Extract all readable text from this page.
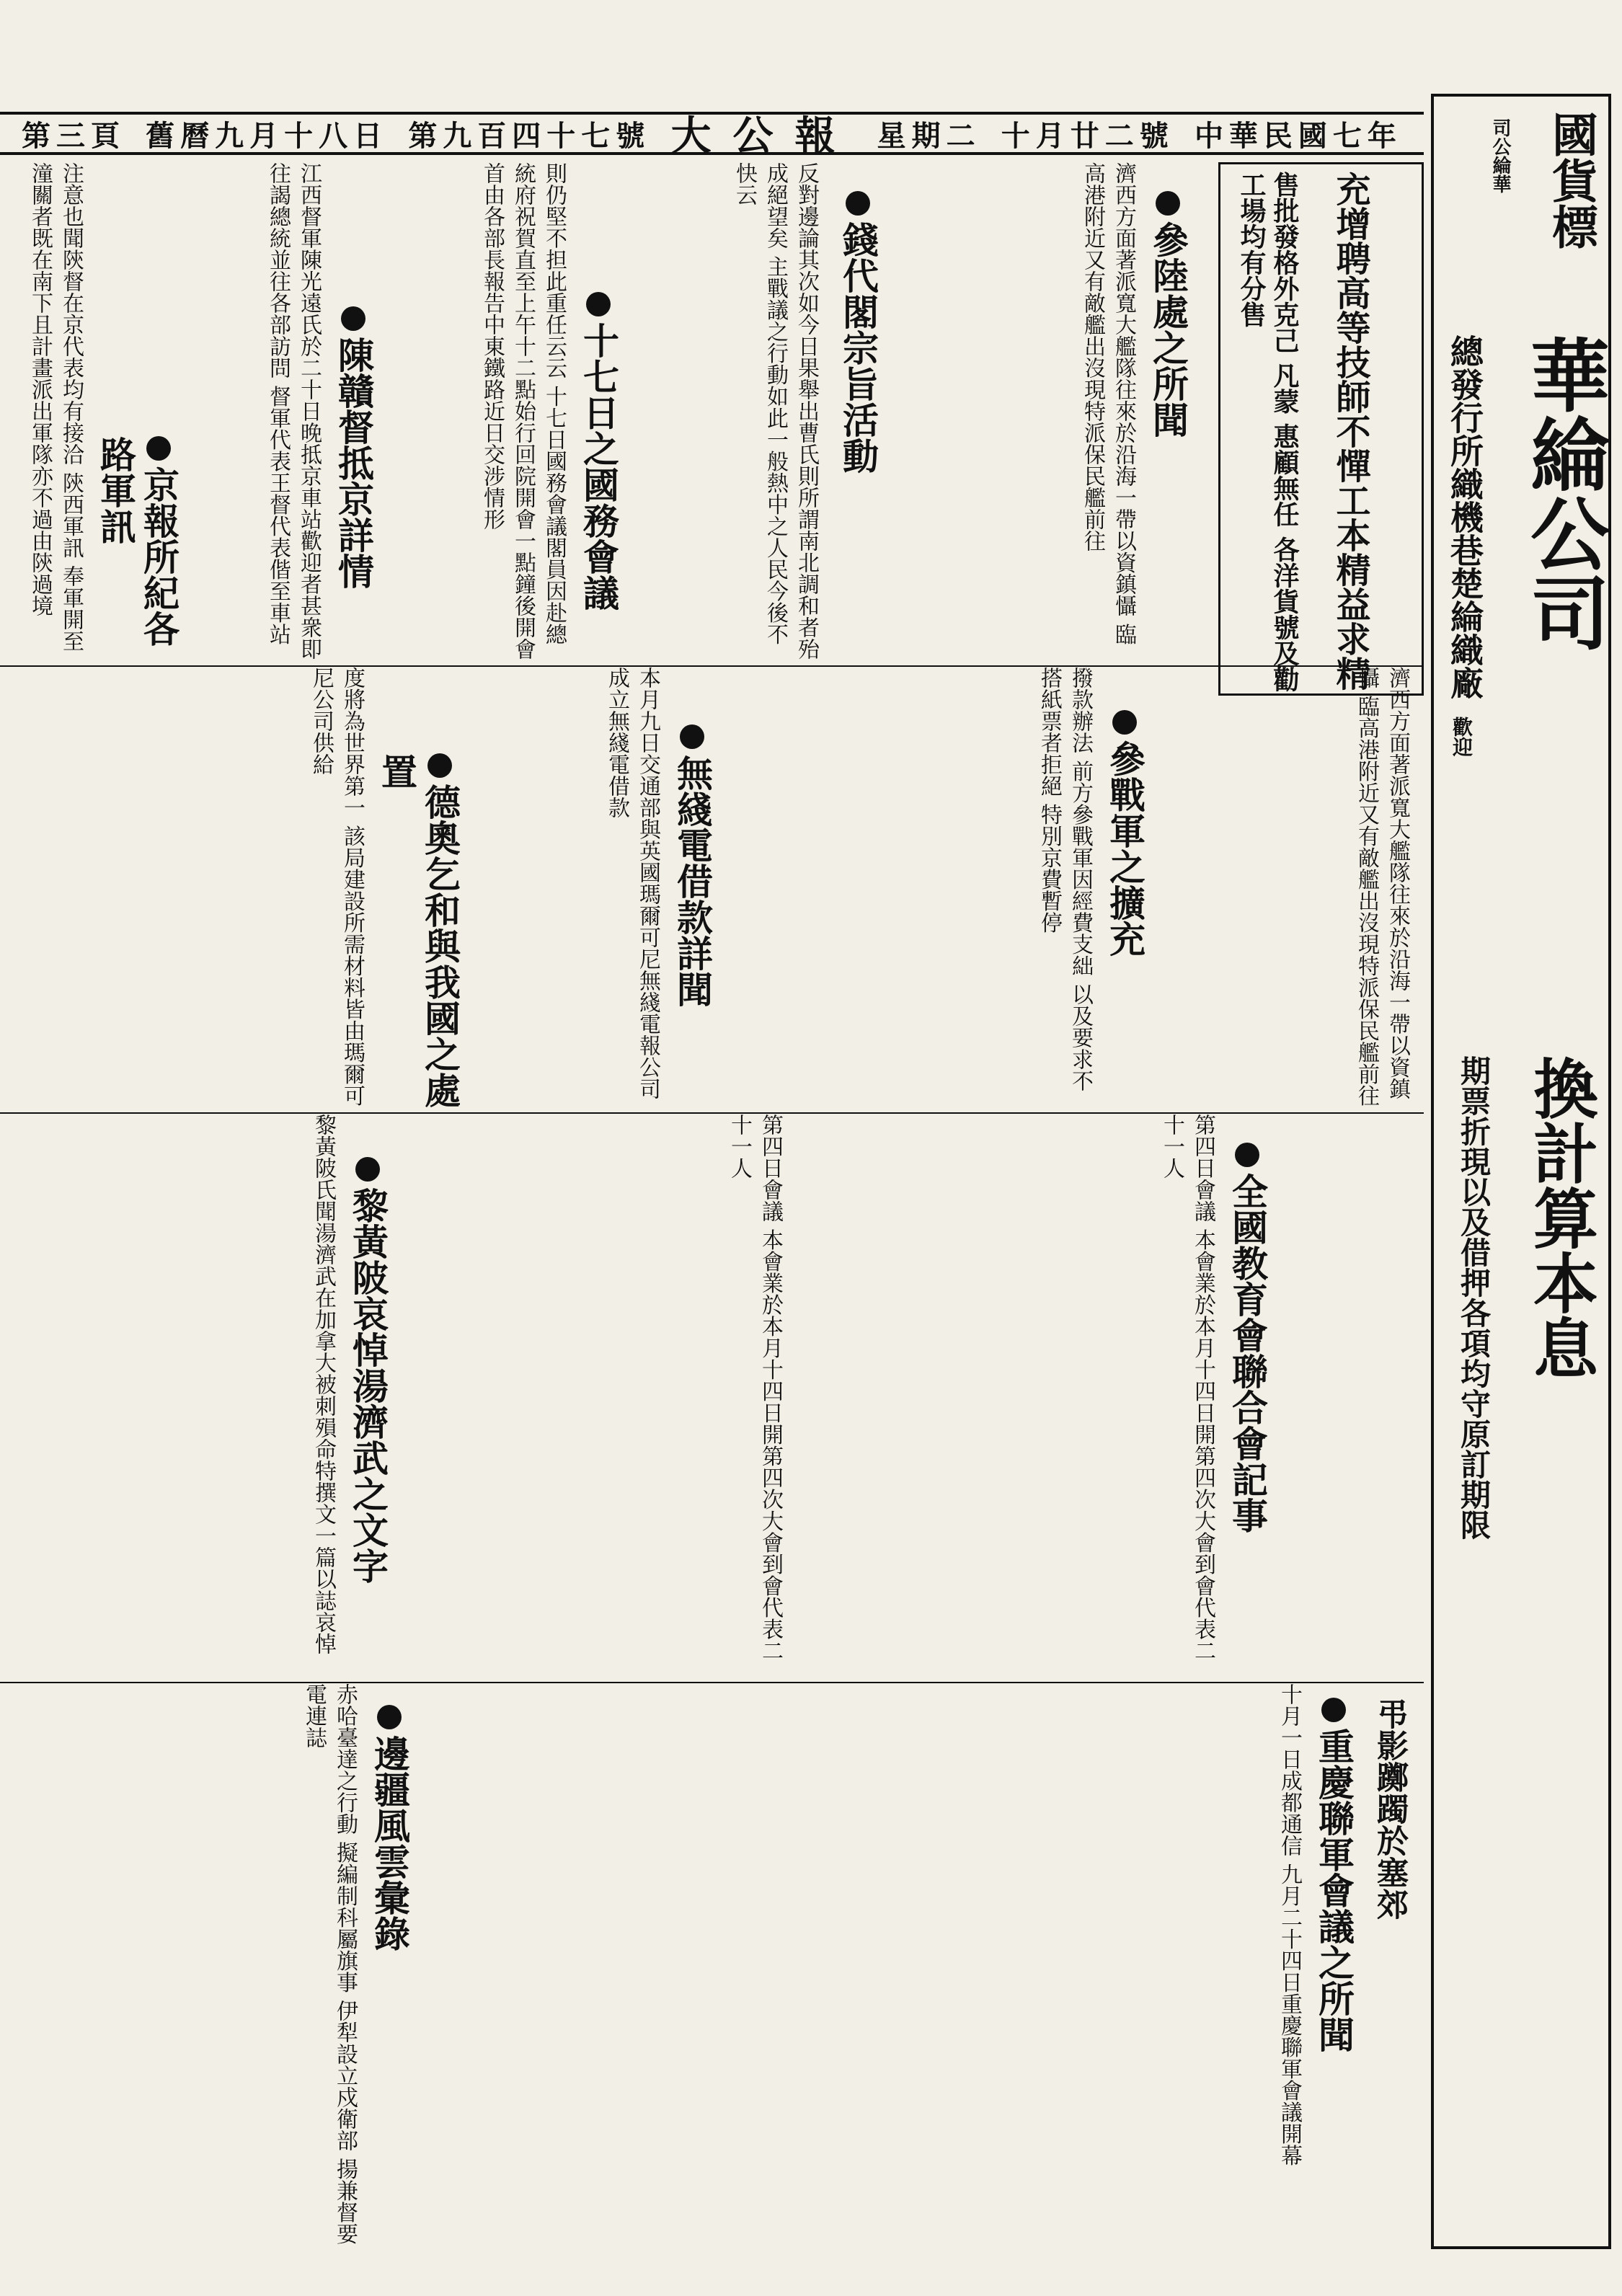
第三頁 舊曆九月十八日 第九百四十七號 大公報 星期二 十月廿二號 中華民國七年	國貨標
司公綸華
華綸公司
總發行所織機巷楚綸織廠
歡迎
換計算本息
期票折現以及借押各項均守原訂期限
充增聘高等技師不憚工本精益求精
售批發格外克己 凡蒙 惠顧無任 各洋貨號及勸工場均有分售
參陸處之所聞
濟西方面著派寬大艦隊往來於沿海一帶以資鎮懾 臨高港附近又有敵艦出沒現特派保民艦前往
錢代閣宗旨活動
反對邊論其次如今日果舉出曹氏則所謂南北調和者殆成絕望矣 主戰議之行動如此一般熱中之人民今後不快云
十七日之國務會議
則仍堅不担此重任云云 十七日國務會議閣員因赴總統府祝賀直至上午十二點始行回院開會一點鐘後開會首由各部長報告中東鐵路近日交涉情形
陳贛督抵京詳情
江西督軍陳光遠氏於二十日晚抵京車站歡迎者甚衆即往謁總統並往各部訪問 督軍代表王督代表偕至車站
京報所紀各路軍訊
注意也聞陝督在京代表均有接洽 陝西軍訊 奉軍開至潼關者既在南下且計畫派出軍隊亦不過由陝過境
濟西方面著派寬大艦隊往來於沿海一帶以資鎮懾 臨高港附近又有敵艦出沒現特派保民艦前往
參戰軍之擴充
撥款辦法 前方參戰軍因經費支絀 以及要求不搭紙票者拒絕 特別京費暫停
無綫電借款詳聞
本月九日交通部與英國瑪爾可尼無綫電報公司成立無綫電借款
德奧乞和與我國之處置
度將為世界第一 該局建設所需材料皆由瑪爾可尼公司供給
全國教育會聯合會記事
第四日會議 本會業於本月十四日開第四次大會到會代表二十一人
第四日會議 本會業於本月十四日開第四次大會到會代表二十一人
黎黃陂哀悼湯濟武之文字
黎黃陂氏聞湯濟武在加拿大被刺殞命特撰文一篇以誌哀悼
弔影躑躅於塞郊
重慶聯軍會議之所聞
十月一日成都通信 九月二十四日重慶聯軍會議開幕
邊疆風雲彙錄
赤哈臺達之行動 擬編制科屬旗事 伊犁設立戍衛部 揚兼督要電連誌
